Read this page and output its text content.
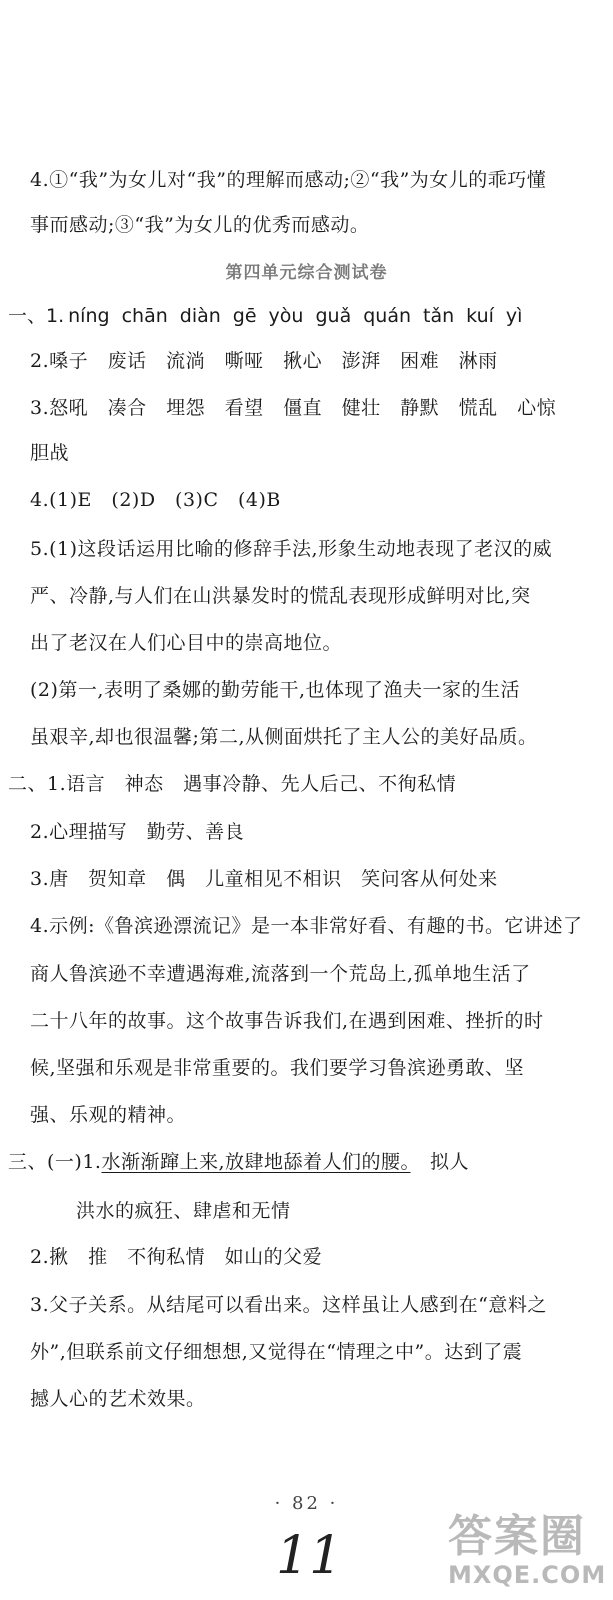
4.①“我”为女儿对“我”的理解而感动;②“我”为女儿的乖巧懂
事而感动;③“我”为女儿的优秀而感动。
2.嗓子　废话　流淌　嘶哑　揪心　澎湃　困难　淋雨
3.怒吼　凑合　埋怨　看望　僵直　健壮　静默　慌乱　心惊
胆战
4.(1)E　(2)D　(3)C　(4)B
5.(1)这段话运用比喻的修辞手法,形象生动地表现了老汉的威
严、冷静,与人们在山洪暴发时的慌乱表现形成鲜明对比,突
出了老汉在人们心目中的崇高地位。
(2)第一,表明了桑娜的勤劳能干,也体现了渔夫一家的生活
虽艰辛,却也很温馨;第二,从侧面烘托了主人公的美好品质。
二、1.语言　神态　遇事冷静、先人后己、不徇私情
2.心理描写　勤劳、善良
3.唐　贺知章　偶　儿童相见不相识　笑问客从何处来
4.示例:《鲁滨逊漂流记》是一本非常好看、有趣的书。它讲述了
商人鲁滨逊不幸遭遇海难,流落到一个荒岛上,孤单地生活了
二十八年的故事。这个故事告诉我们,在遇到困难、挫折的时
候,坚强和乐观是非常重要的。我们要学习鲁滨逊勇敢、坚
强、乐观的精神。
洪水的疯狂、肆虐和无情
2.揪　推　不徇私情　如山的父爱
3.父子关系。从结尾可以看出来。这样虽让人感到在“意料之
外”,但联系前文仔细想想,又觉得在“情理之中”。达到了震
撼人心的艺术效果。
第四单元综合测试卷
一、1. níng chān diàn gē yòu guǎ quán tǎn kuí yì
三、(一)1.水渐渐蹿上来,放肆地舔着人们的腰。　拟人
· 82 ·
11 答案圈
MXQE.COM
